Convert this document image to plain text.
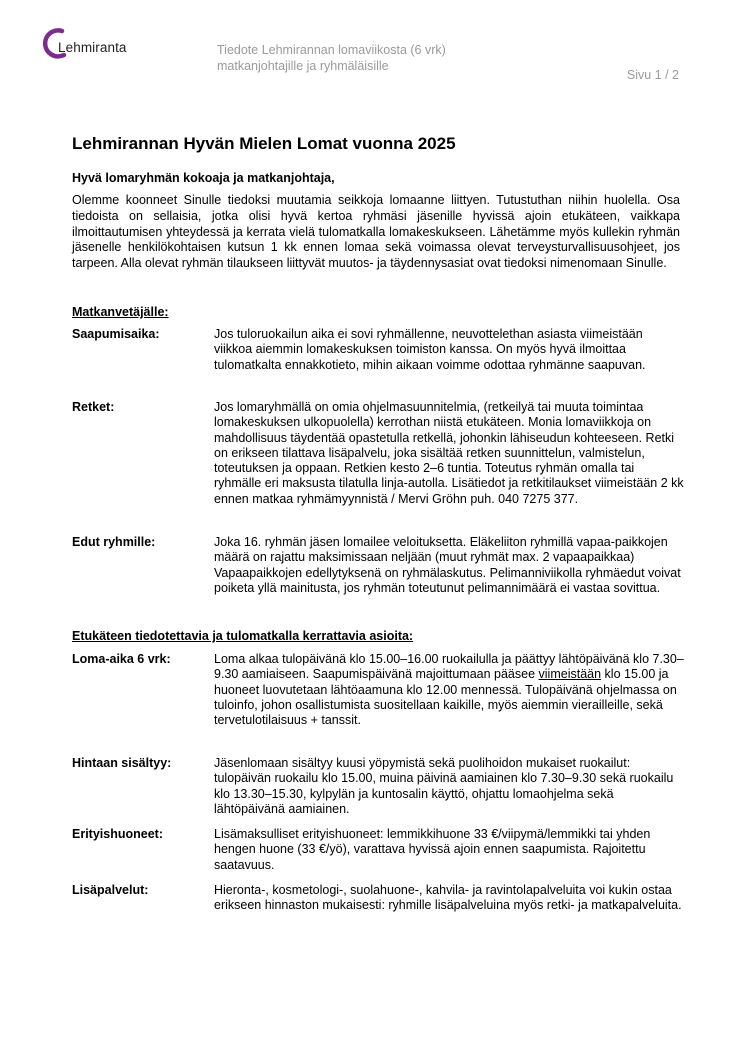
Lehmiranta	Tiedote Lehmirannan lomaviikosta (6 vrk)
matkanjohtajille ja ryhmäläisille
Sivu 1 / 2
Lehmirannan Hyvän Mielen Lomat vuonna 2025

Hyvä lomaryhmän kokoaja ja matkanjohtaja,

Olemme koonneet Sinulle tiedoksi muutamia seikkoja lomaanne liittyen. Tutustuthan niihin huolella. Osa tiedoista on sellaisia, jotka olisi hyvä kertoa ryhmäsi jäsenille hyvissä ajoin etukäteen, vaikkapa ilmoittautumisen yhteydessä ja kerrata vielä tulomatkalla lomakeskukseen. Lähetämme myös kullekin ryhmän jäsenelle henkilökohtaisen kutsun 1 kk ennen lomaa sekä voimassa olevat terveysturvallisuusohjeet, jos tarpeen. Alla olevat ryhmän tilaukseen liittyvät muutos- ja täydennysasiat ovat tiedoksi nimenomaan Sinulle.

Matkanvetäjälle:

Saapumisaika:	Jos tuloruokailun aika ei sovi ryhmällenne, neuvottelethan asiasta viimeistään viikkoa aiemmin lomakeskuksen toimiston kanssa. On myös hyvä ilmoittaa tulomatkalta ennakkotieto, mihin aikaan voimme odottaa ryhmänne saapuvan.
Retket:	Jos lomaryhmällä on omia ohjelmasuunnitelmia, (retkeilyä tai muuta toimintaa lomakeskuksen ulkopuolella) kerrothan niistä etukäteen. Monia lomaviikkoja on mahdollisuus täydentää opastetulla retkellä, johonkin lähiseudun kohteeseen. Retki on erikseen tilattava lisäpalvelu, joka sisältää retken suunnittelun, valmistelun, toteutuksen ja oppaan. Retkien kesto 2–6 tuntia. Toteutus ryhmän omalla tai ryhmälle eri maksusta tilatulla linja-autolla. Lisätiedot ja retkitilaukset viimeistään 2 kk ennen matkaa ryhmämyynnistä / Mervi Gröhn puh. 040 7275 377.
Edut ryhmille:	Joka 16. ryhmän jäsen lomailee veloituksetta. Eläkeliiton ryhmillä vapaa-paikkojen määrä on rajattu maksimissaan neljään (muut ryhmät max. 2 vapaapaikkaa) Vapaapaikkojen edellytyksenä on ryhmälaskutus. Pelimanniviikolla ryhmäedut voivat poiketa yllä mainitusta, jos ryhmän toteutunut pelimannimäärä ei vastaa sovittua.

Etukäteen tiedotettavia ja tulomatkalla kerrattavia asioita:

Loma-aika 6 vrk:	Loma alkaa tulopäivänä klo 15.00–16.00 ruokailulla ja päättyy lähtöpäivänä klo 7.30–9.30 aamiaiseen. Saapumispäivänä majoittumaan pääsee viimeistään klo 15.00 ja huoneet luovutetaan lähtöaamuna klo 12.00 mennessä. Tulopäivänä ohjelmassa on tuloinfo, johon osallistumista suositellaan kaikille, myös aiemmin vierailleille, sekä tervetulotilaisuus + tanssit.
Hintaan sisältyy:	Jäsenlomaan sisältyy kuusi yöpymistä sekä puolihoidon mukaiset ruokailut: tulopäivän ruokailu klo 15.00, muina päivinä aamiainen klo 7.30–9.30 sekä ruokailu klo 13.30–15.30, kylpylän ja kuntosalin käyttö, ohjattu lomaohjelma sekä lähtöpäivänä aamiainen.
Erityishuoneet:	Lisämaksulliset erityishuoneet: lemmikkihuone 33 €/viipymä/lemmikki tai yhden hengen huone (33 €/yö), varattava hyvissä ajoin ennen saapumista. Rajoitettu saatavuus.
Lisäpalvelut:	Hieronta-, kosmetologi-, suolahuone-, kahvila- ja ravintolapalveluita voi kukin ostaa erikseen hinnaston mukaisesti: ryhmille lisäpalveluina myös retki- ja matkapalveluita.
